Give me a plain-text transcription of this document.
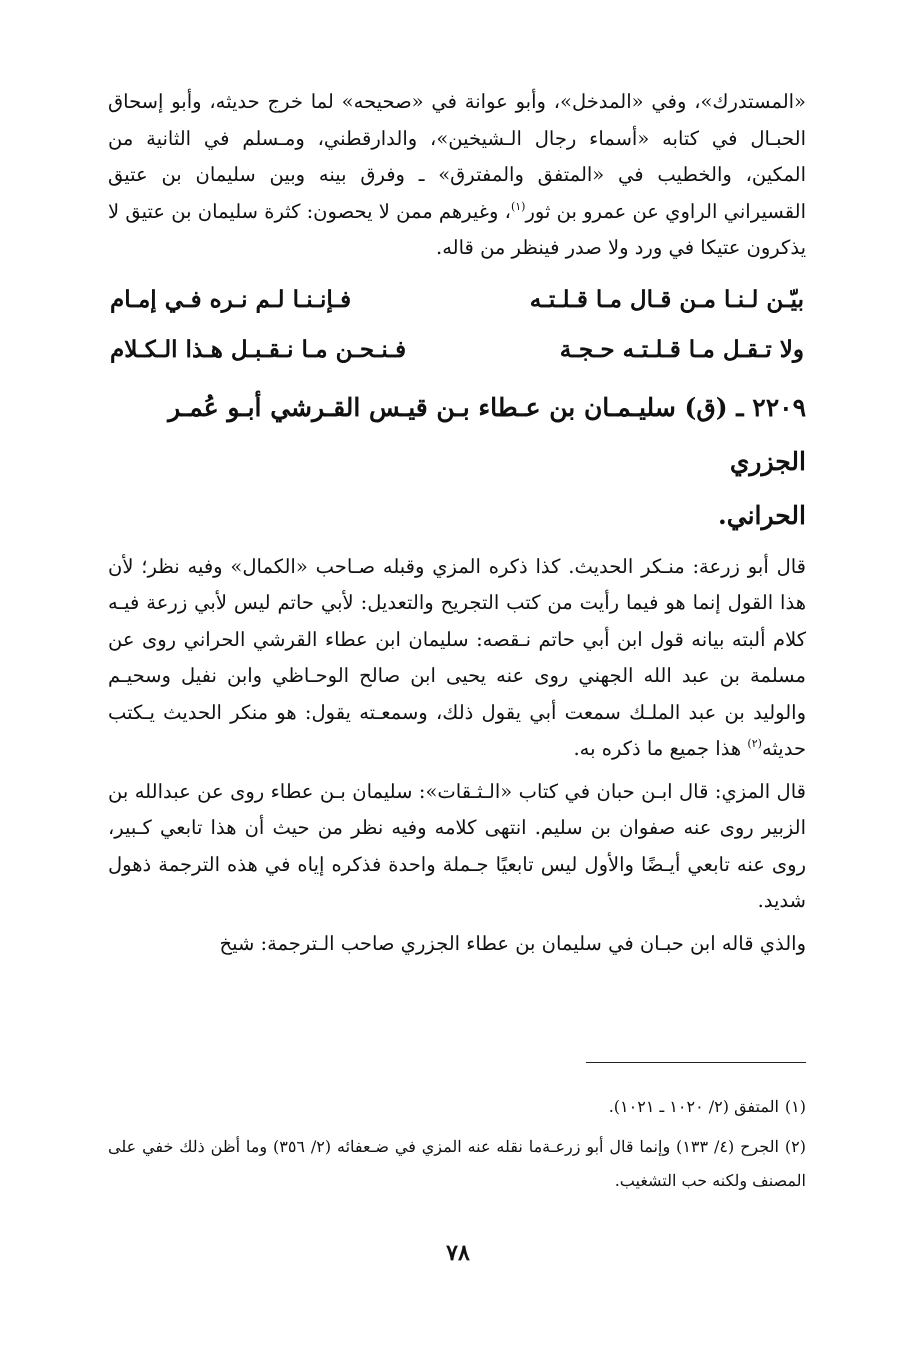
«المستدرك»، وفي «المدخل»، وأبو عوانة في «صحيحه» لما خرج حديثه، وأبو إسحاق الحبـال في كتابه «أسماء رجال الـشيخين»، والدارقطني، ومـسلم في الثانية من المكين، والخطيب في «المتفق والمفترق» ـ وفرق بينه وبين سليمان بن عتيق القسيراني الراوي عن عمرو بن ثور$^{(١)}$، وغيرهم ممن لا يحصون: كثرة سليمان بن عتيق لا يذكرون عتيكا في ورد ولا صدر فينظر من قاله.

بيّـن لـنـا مـن قـال مـا قـلـتـه
فـإنـنـا لـم نـره فـي إمـام
ولا تـقـل مـا قـلـتـه حـجـة
فـنـحـن مـا نـقـبـل هـذا الـكـلام
٢٢٠٩ ـ (ق) سليـمـان بن عـطاء بـن قيـس القـرشي أبـو عُمـر الجزري
الحراني.

قال أبو زرعة: منـكر الحديث. كذا ذكره المزي وقبله صـاحب «الكمال» وفيه نظر؛ لأن هذا القول إنما هو فيما رأيت من كتب التجريح والتعديل: لأبي حاتم ليس لأبي زرعة فيـه كلام ألبته بيانه قول ابن أبي حاتم نـقصه: سليمان ابن عطاء القرشي الحراني روى عن مسلمة بن عبد الله الجهني روى عنه يحيى ابن صالح الوحـاظي وابن نفيل وسحيـم والوليد بن عبد الملـك سمعت أبي يقول ذلك، وسمعـته يقول: هو منكر الحديث يـكتب حديثه$^{(٢)}$ هذا جميع ما ذكره به.

قال المزي: قال ابـن حبان في كتاب «الـثـقات»: سليمان بـن عطاء روى عن عبدالله بن الزبير روى عنه صفوان بن سليم. انتهى كلامه وفيه نظر من حيث أن هذا تابعي كـبير، روى عنه تابعي أيـضًا والأول ليس تابعيًا جـملة واحدة فذكره إياه في هذه الترجمة ذهول شديد.

والذي قاله ابن حبـان في سليمان بن عطاء الجزري صاحب الـترجمة: شيخ

(١)المتفق (٢/ ١٠٢٠ ـ ١٠٢١).

(٢)الجرح (٤/ ١٣٣) وإنما قال أبو زرعـةما نقله عنه المزي في ضـعفائه (٢/ ٣٥٦) وما أظن ذلك خفي على المصنف ولكنه حب التشغيب.

٧٨
